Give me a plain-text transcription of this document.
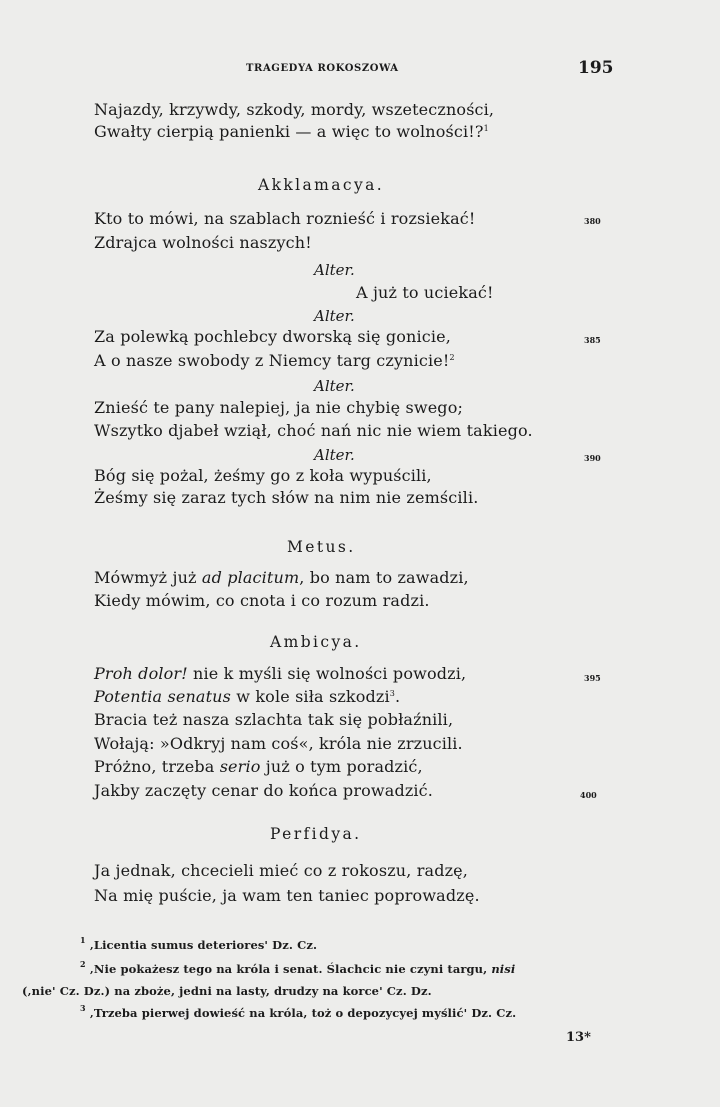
TRAGEDYA ROKOSZOWA	195
Najazdy, krzywdy, szkody, mordy, wszeteczności,
Gwałty cierpią panienki — a więc to wolności!?$^1$
Akklamacya.
Kto to mówi, na szablach roznieść i rozsiekać!	380
Zdrajca wolności naszych!
Alter.
A już to uciekać!
Alter.
Za polewką pochlebcy dworską się gonicie,	385
A o nasze swobody z Niemcy targ czynicie!$^2$
Alter.
Znieść te pany nalepiej, ja nie chybię swego;
Wszytko djabeł wziął, choć nań nic nie wiem takiego.
Alter.
Bóg się pożal, żeśmy go z koła wypuścili,
390
Żeśmy się zaraz tych słów na nim nie zemścili.
Metus.
Mówmyż już ad placitum, bo nam to zawadzi,
Kiedy mówim, co cnota i co rozum radzi.
Ambicya.
Proh dolor! nie k myśli się wolności powodzi,	395
Potentia senatus w kole siła szkodzi$^3$.
Bracia też nasza szlachta tak się pobłaźnili,
Wołają: »Odkryj nam coś«, króla nie zrzucili.
Próżno, trzeba serio już o tym poradzić,
Jakby zaczęty cenar do końca prowadzić.	400
Perfidya.
Ja jednak, chcecieli mieć co z rokoszu, radzę,
Na mię puście, ja wam ten taniec poprowadzę.
$^1$ ‚Licentia sumus deteriores' Dz. Cz.
$^2$ ‚Nie pokażesz tego na króla i senat. Ślachcic nie czyni targu, nisi
(‚nie' Cz. Dz.) na zboże, jedni na lasty, drudzy na korce' Cz. Dz.
$^3$ ‚Trzeba pierwej dowieść na króla, toż o depozycyej myślić' Dz. Cz.
13*
